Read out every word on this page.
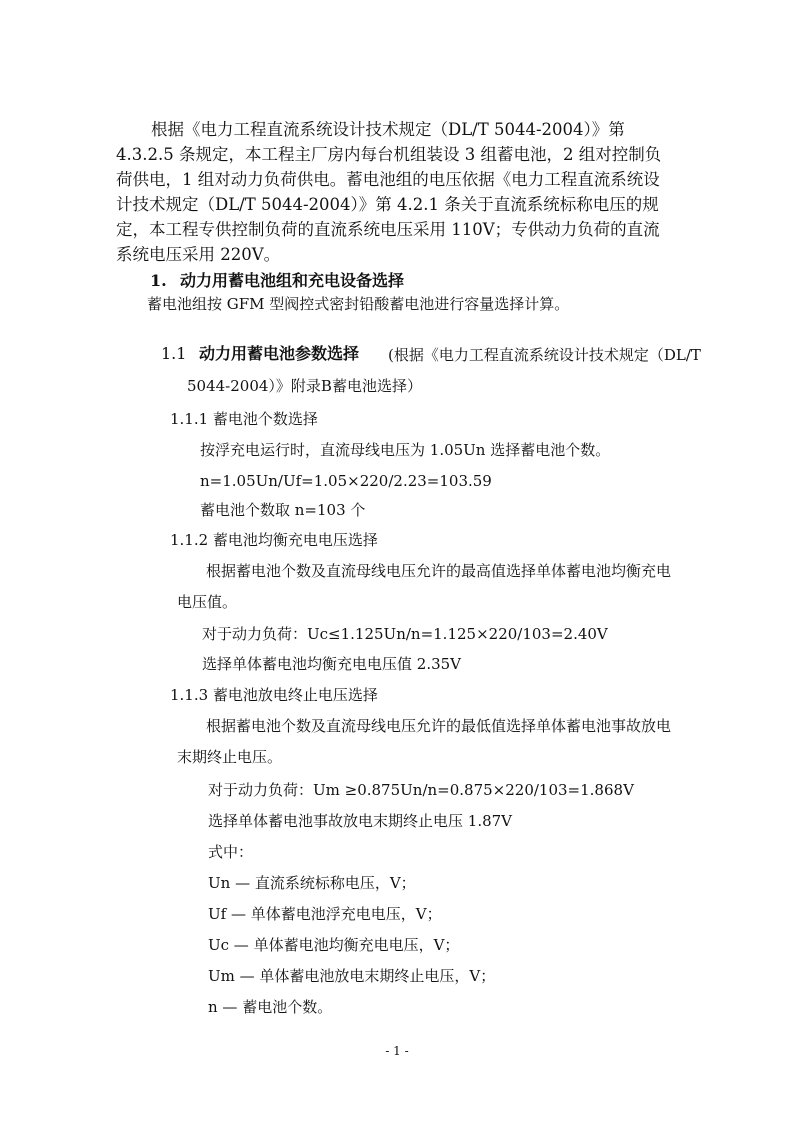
根据《电力工程直流系统设计技术规定（DL/T 5044-2004）》第
4.3.2.5 条规定，本工程主厂房内每台机组装设 3 组蓄电池，2 组对控制负
荷供电，1 组对动力负荷供电。蓄电池组的电压依据《电力工程直流系统设
计技术规定（DL/T 5044-2004）》第 4.2.1 条关于直流系统标称电压的规
定，本工程专供控制负荷的直流系统电压采用 110V；专供动力负荷的直流
系统电压采用 220V。
1. 动力用蓄电池组和充电设备选择
蓄电池组按 GFM 型阀控式密封铅酸蓄电池进行容量选择计算。
1.1 动力用蓄电池参数选择 (根据《电力工程直流系统设计技术规定（DL/T
5044-2004）》附录B蓄电池选择）
1.1.1 蓄电池个数选择
按浮充电运行时，直流母线电压为 1.05Un 选择蓄电池个数。
n=1.05Un/Uf=1.05×220/2.23=103.59
蓄电池个数取 n=103 个
1.1.2 蓄电池均衡充电电压选择
根据蓄电池个数及直流母线电压允许的最高值选择单体蓄电池均衡充电
电压值。
对于动力负荷：Uc≤1.125Un/n=1.125×220/103=2.40V
选择单体蓄电池均衡充电电压值 2.35V
1.1.3 蓄电池放电终止电压选择
根据蓄电池个数及直流母线电压允许的最低值选择单体蓄电池事故放电
末期终止电压。
对于动力负荷：Um ≥0.875Un/n=0.875×220/103=1.868V
选择单体蓄电池事故放电末期终止电压 1.87V
式中：
Un — 直流系统标称电压，V；
Uf — 单体蓄电池浮充电电压，V；
Uc — 单体蓄电池均衡充电电压，V；
Um — 单体蓄电池放电末期终止电压，V；
n — 蓄电池个数。
- 1 -
